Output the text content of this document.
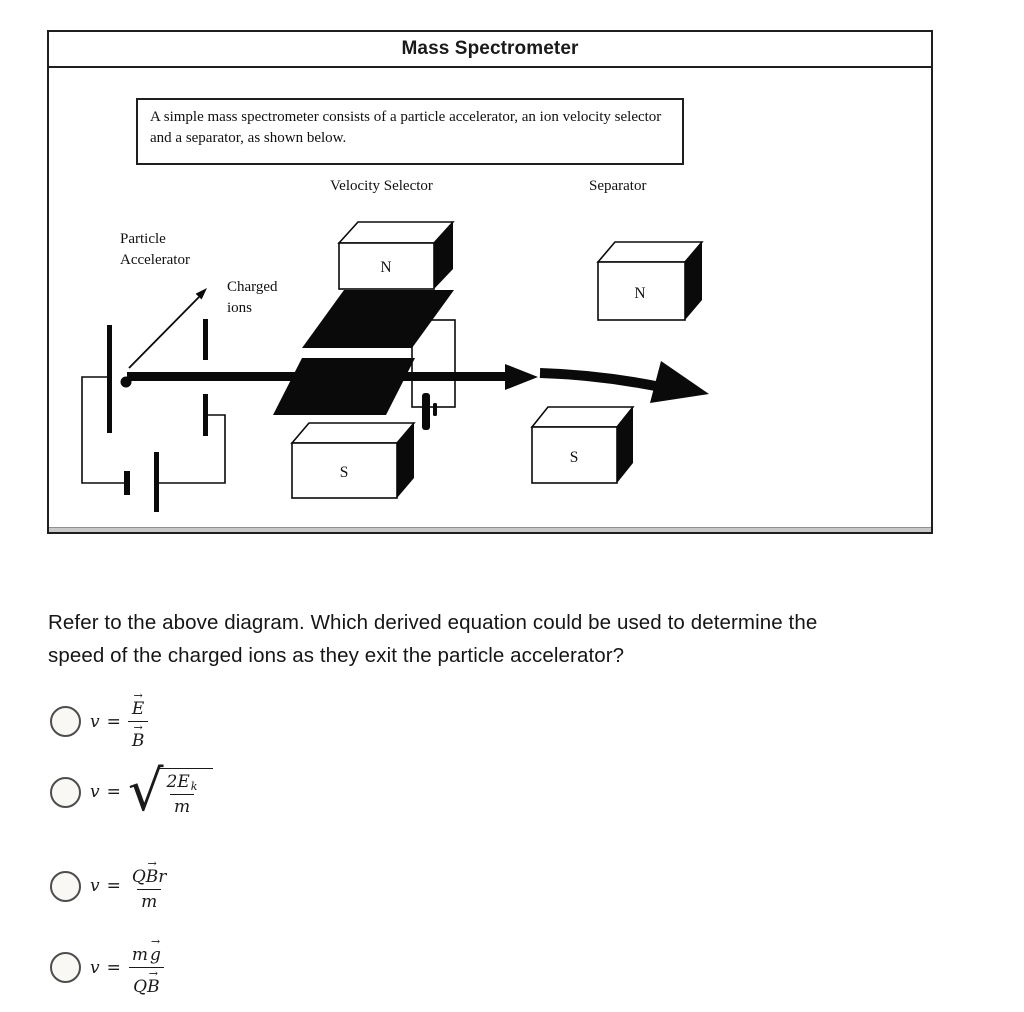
Mass Spectrometer
A simple mass spectrometer consists of a particle accelerator, an ion velocity selector and a separator, as shown below.
Velocity Selector	Separator
Particle
Accelerator
Charged
ions
N
S
N
S
Refer to the above diagram. Which derived equation could be used to determine the
speed of the charged ions as they exit the particle accelerator?
v = →
E
→
B
v = √ $\frac{2E_k}{m}$
v = Q
→
B r
m
v = m
→
g
Q
→
B
